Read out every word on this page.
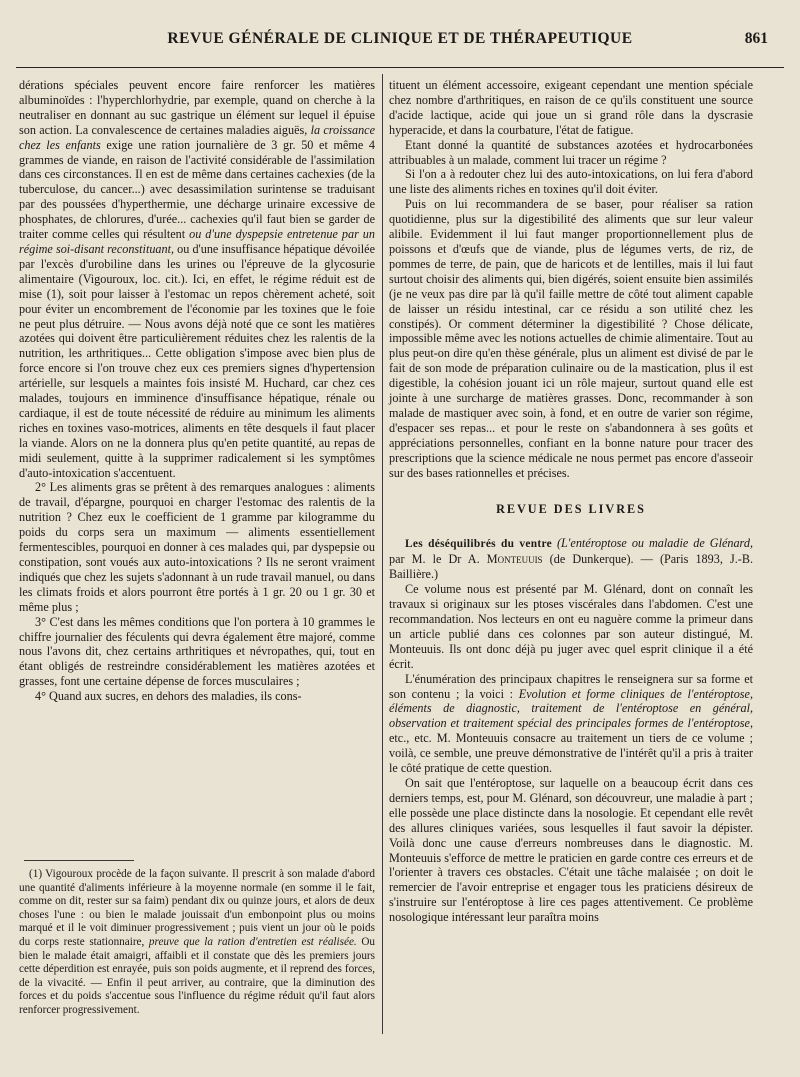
REVUE GÉNÉRALE DE CLINIQUE ET DE THÉRAPEUTIQUE	861

dérations spéciales peuvent encore faire renforcer les matières albuminoïdes : l'hyperchlorhydrie, par exemple, quand on cherche à la neutraliser en donnant au suc gastrique un élément sur lequel il épuise son action. La convalescence de certaines maladies aiguës, la croissance chez les enfants exige une ration journalière de 3 gr. 50 et même 4 grammes de viande, en raison de l'activité considérable de l'assimilation dans ces circonstances. Il en est de même dans certaines cachexies (de la tuberculose, du cancer...) avec desassimilation surintense se traduisant par des poussées d'hyperthermie, une décharge urinaire excessive de phosphates, de chlorures, d'urée... cachexies qu'il faut bien se garder de traiter comme celles qui résultent ou d'une dyspepsie entretenue par un régime soi-disant reconstituant, ou d'une insuffisance hépatique dévoilée par l'excès d'urobiline dans les urines ou l'épreuve de la glycosurie alimentaire (Vigouroux, loc. cit.). Ici, en effet, le régime réduit est de mise (1), soit pour laisser à l'estomac un repos chèrement acheté, soit pour éviter un encombrement de l'économie par les toxines que le foie ne peut plus détruire. — Nous avons déjà noté que ce sont les matières azotées qui doivent être particulièrement réduites chez les ralentis de la nutrition, les arthritiques... Cette obligation s'impose avec bien plus de force encore si l'on trouve chez eux ces premiers signes d'hypertension artérielle, sur lesquels a maintes fois insisté M. Huchard, car chez ces malades, toujours en imminence d'insuffisance hépatique, rénale ou cardiaque, il est de toute nécessité de réduire au minimum les aliments riches en toxines vaso-motrices, aliments en tête desquels il faut placer la viande. Alors on ne la donnera plus qu'en petite quantité, au repas de midi seulement, quitte à la supprimer radicalement si les symptômes d'auto-intoxication s'accentuent.

2° Les aliments gras se prêtent à des remarques analogues : aliments de travail, d'épargne, pourquoi en charger l'estomac des ralentis de la nutrition ? Chez eux le coefficient de 1 gramme par kilogramme du poids du corps sera un maximum — aliments essentiellement fermentescibles, pourquoi en donner à ces malades qui, par dyspepsie ou constipation, sont voués aux auto-intoxications ? Ils ne seront vraiment indiqués que chez les sujets s'adonnant à un rude travail manuel, ou dans les climats froids et alors pourront être portés à 1 gr. 20 ou 1 gr. 30 et même plus ;

3° C'est dans les mêmes conditions que l'on portera à 10 grammes le chiffre journalier des féculents qui devra également être majoré, comme nous l'avons dit, chez certains arthritiques et névropathes, qui, tout en étant obligés de restreindre considérablement les matières azotées et grasses, font une certaine dépense de forces musculaires ;

4° Quand aux sucres, en dehors des maladies, ils cons-

(1) Vigouroux procède de la façon suivante. Il prescrit à son malade d'abord une quantité d'aliments inférieure à la moyenne normale (en somme il le fait, comme on dit, rester sur sa faim) pendant dix ou quinze jours, et alors de deux choses l'une : ou bien le malade jouissait d'un embonpoint plus ou moins marqué et il le voit diminuer progressivement ; puis vient un jour où le poids du corps reste stationnaire, preuve que la ration d'entretien est réalisée. Ou bien le malade était amaigri, affaibli et il constate que dès les premiers jours cette déperdition est enrayée, puis son poids augmente, et il reprend des forces, de la vivacité. — Enfin il peut arriver, au contraire, que la diminution des forces et du poids s'accentue sous l'influence du régime réduit qu'il faut alors renforcer progressivement.

tituent un élément accessoire, exigeant cependant une mention spéciale chez nombre d'arthritiques, en raison de ce qu'ils constituent une source d'acide lactique, acide qui joue un si grand rôle dans la dyscrasie hyperacide, et dans la courbature, l'état de fatigue.

Etant donné la quantité de substances azotées et hydrocarbonées attribuables à un malade, comment lui tracer un régime ?

Si l'on a à redouter chez lui des auto-intoxications, on lui fera d'abord une liste des aliments riches en toxines qu'il doit éviter.

Puis on lui recommandera de se baser, pour réaliser sa ration quotidienne, plus sur la digestibilité des aliments que sur leur valeur alibile. Evidemment il lui faut manger proportionnellement plus de poissons et d'œufs que de viande, plus de légumes verts, de riz, de pommes de terre, de pain, que de haricots et de lentilles, mais il lui faut surtout choisir des aliments qui, bien digérés, soient ensuite bien assimilés (je ne veux pas dire par là qu'il faille mettre de côté tout aliment capable de laisser un résidu intestinal, car ce résidu a son utilité chez les constipés). Or comment déterminer la digestibilité ? Chose délicate, impossible même avec les notions actuelles de chimie alimentaire. Tout au plus peut-on dire qu'en thèse générale, plus un aliment est divisé de par le fait de son mode de préparation culinaire ou de la mastication, plus il est digestible, la cohésion jouant ici un rôle majeur, surtout quand elle est jointe à une surcharge de matières grasses. Donc, recommander à son malade de mastiquer avec soin, à fond, et en outre de varier son régime, d'espacer ses repas... et pour le reste on s'abandonnera à ses goûts et appréciations personnelles, confiant en la bonne nature pour tracer des prescriptions que la science médicale ne nous permet pas encore d'asseoir sur des bases rationnelles et précises.

REVUE DES LIVRES

Les déséquilibrés du ventre (L'entéroptose ou maladie de Glénard, par M. le Dr A. Monteuuis (de Dunkerque). — (Paris 1893, J.-B. Baillière.)

Ce volume nous est présenté par M. Glénard, dont on connaît les travaux si originaux sur les ptoses viscérales dans l'abdomen. C'est une recommandation. Nos lecteurs en ont eu naguère comme la primeur dans un article publié dans ces colonnes par son auteur distingué, M. Monteuuis. Ils ont donc déjà pu juger avec quel esprit clinique il a été écrit.

L'énumération des principaux chapitres le renseignera sur sa forme et son contenu ; la voici : Evolution et forme cliniques de l'entéroptose, éléments de diagnostic, traitement de l'entéroptose en général, observation et traitement spécial des principales formes de l'entéroptose, etc., etc. M. Monteuuis consacre au traitement un tiers de ce volume ; voilà, ce semble, une preuve démonstrative de l'intérêt qu'il a pris à traiter le côté pratique de cette question.

On sait que l'entéroptose, sur laquelle on a beaucoup écrit dans ces derniers temps, est, pour M. Glénard, son découvreur, une maladie à part ; elle possède une place distincte dans la nosologie. Et cependant elle revêt des allures cliniques variées, sous lesquelles il faut savoir la dépister. Voilà donc une cause d'erreurs nombreuses dans le diagnostic. M. Monteuuis s'efforce de mettre le praticien en garde contre ces erreurs et de l'orienter à travers ces obstacles. C'était une tâche malaisée ; on doit le remercier de l'avoir entreprise et engager tous les praticiens désireux de s'instruire sur l'entéroptose à lire ces pages attentivement. Ce problème nosologique intéressant leur paraîtra moins
